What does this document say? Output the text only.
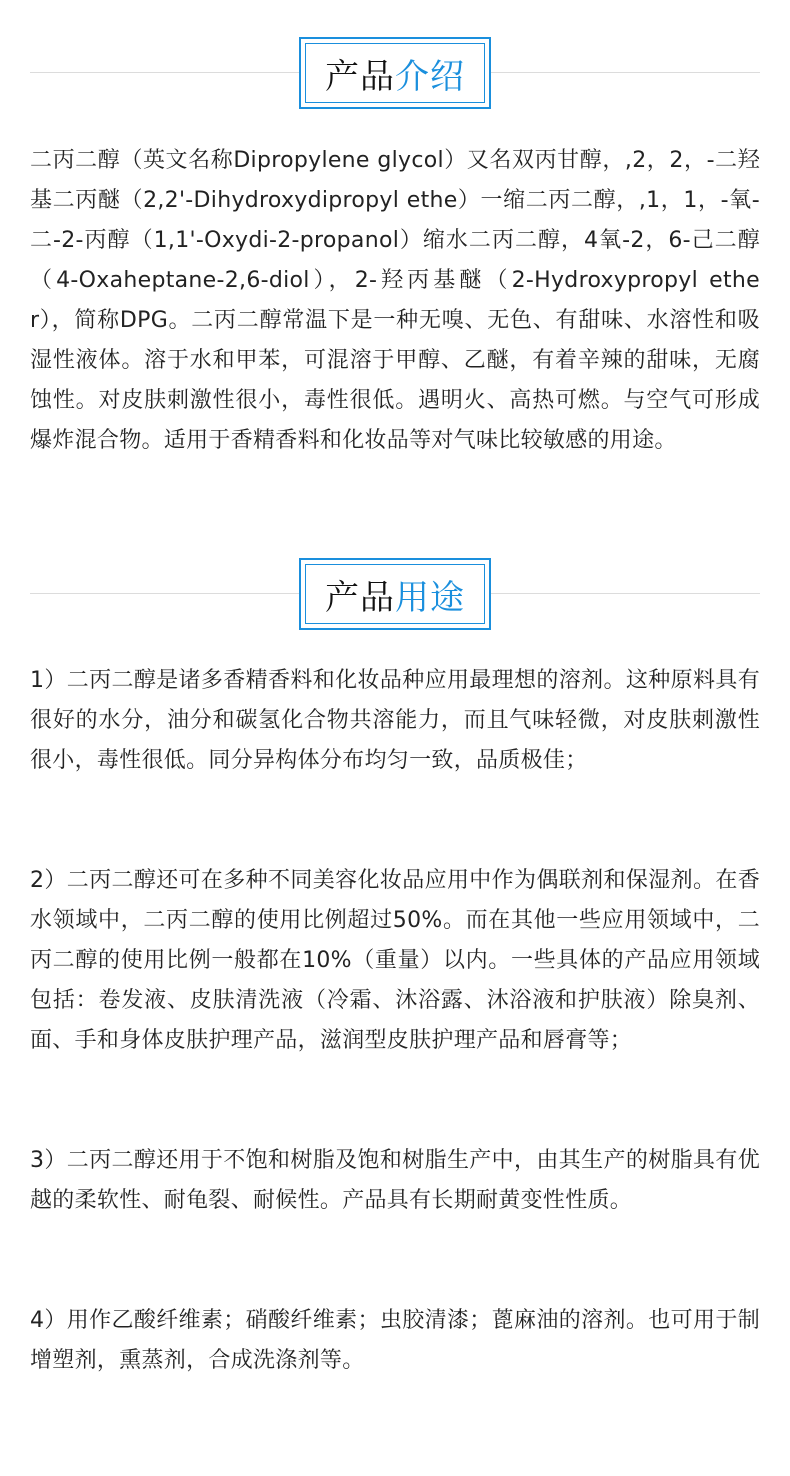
产品 介绍

二丙二醇（英文名称Dipropylene glycol）又名双丙甘醇，,2，2，-二羟基二丙醚（2,2'-Dihydroxydipropyl ethe）一缩二丙二醇，,1，1，-氧-二-2-丙醇（1,1'-Oxydi-2-propanol）缩水二丙二醇，4氧-2，6-己二醇（4-Oxaheptane-2,6-diol），2-羟丙基醚（2-Hydroxypropyl ether），简称DPG。二丙二醇常温下是一种无嗅、无色、有甜味、水溶性和吸湿性液体。溶于水和甲苯，可混溶于甲醇、乙醚，有着辛辣的甜味，无腐蚀性。对皮肤刺激性很小，毒性很低。遇明火、高热可燃。与空气可形成爆炸混合物。适用于香精香料和化妆品等对气味比较敏感的用途。

产品 用途

1）二丙二醇是诸多香精香料和化妆品种应用最理想的溶剂。这种原料具有很好的水分，油分和碳氢化合物共溶能力，而且气味轻微，对皮肤刺激性很小，毒性很低。同分异构体分布均匀一致，品质极佳；

2）二丙二醇还可在多种不同美容化妆品应用中作为偶联剂和保湿剂。在香水领域中，二丙二醇的使用比例超过50%。而在其他一些应用领域中，二丙二醇的使用比例一般都在10%（重量）以内。一些具体的产品应用领域包括：卷发液、皮肤清洗液（冷霜、沐浴露、沐浴液和护肤液）除臭剂、面、手和身体皮肤护理产品，滋润型皮肤护理产品和唇膏等；

3）二丙二醇还用于不饱和树脂及饱和树脂生产中，由其生产的树脂具有优越的柔软性、耐龟裂、耐候性。产品具有长期耐黄变性性质。

4）用作乙酸纤维素；硝酸纤维素；虫胶清漆；蓖麻油的溶剂。也可用于制增塑剂，熏蒸剂，合成洗涤剂等。
